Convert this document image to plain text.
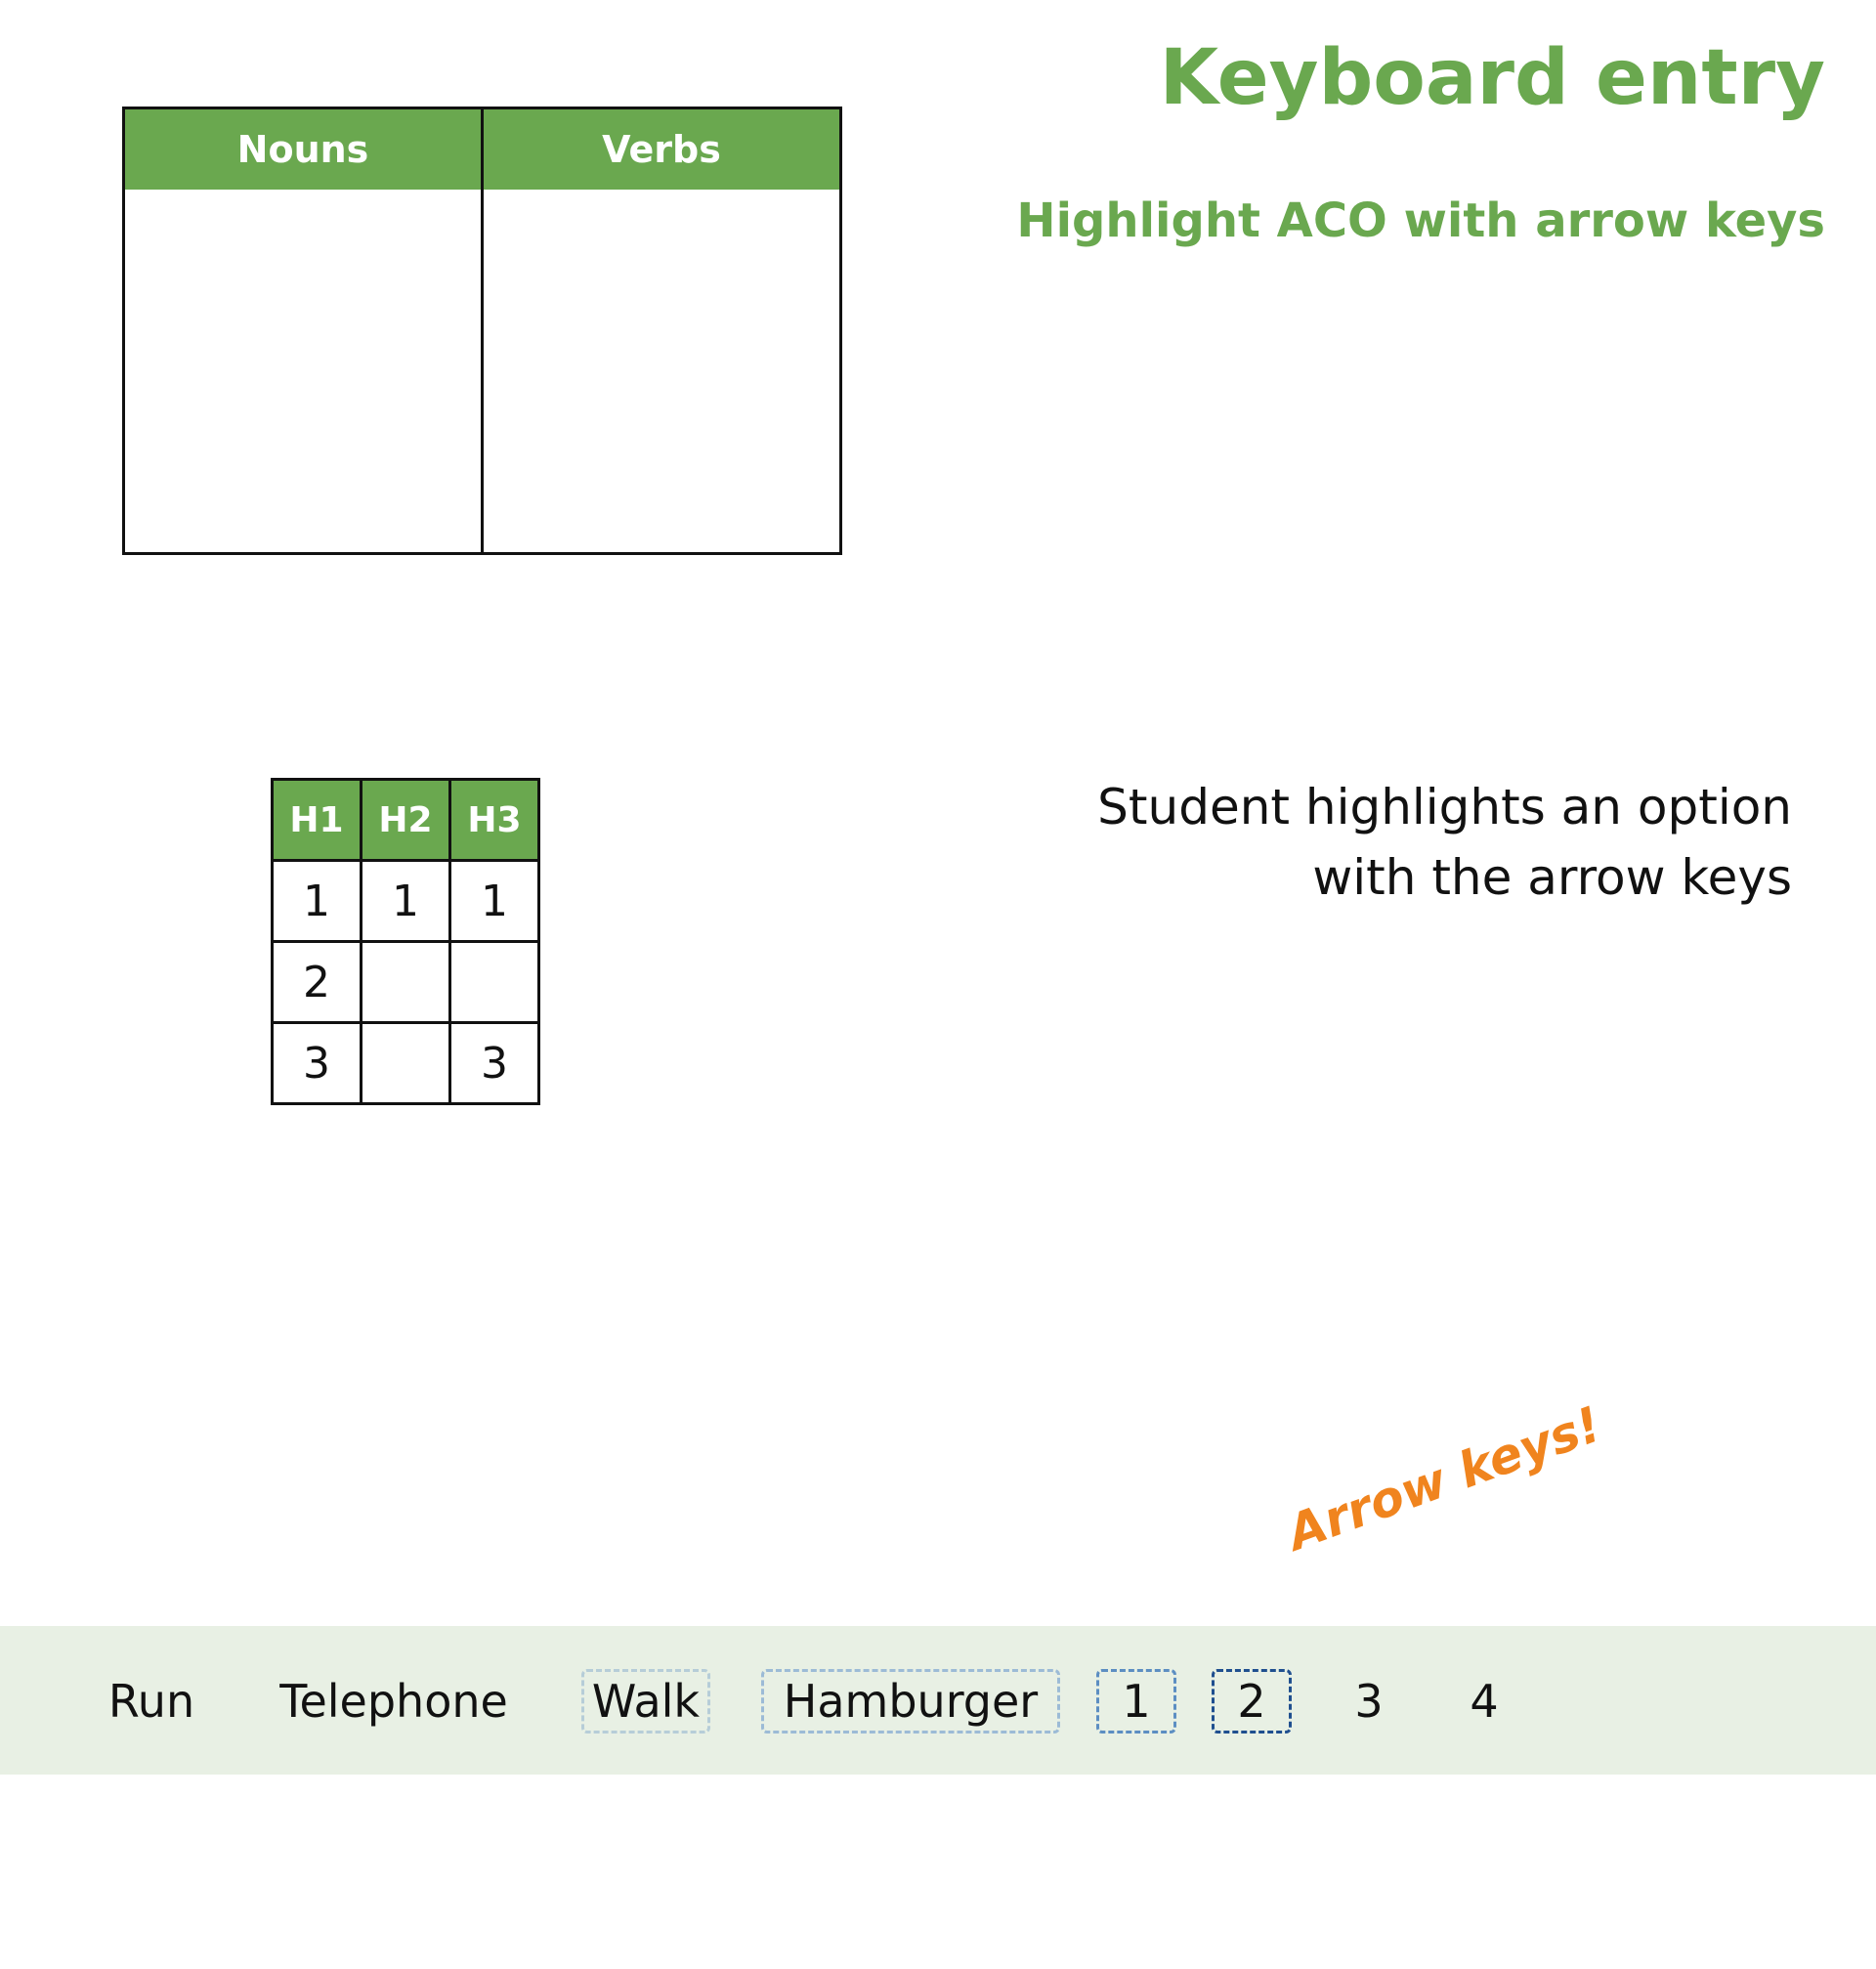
Keyboard entry
Highlight ACO with arrow keys
Nouns	Verbs
H1	H2	H3
1	1	1
2		
3		3
Student highlights an option
with the arrow keys
Arrow keys!
Run Telephone Walk	Hamburger	1	2	3	4
